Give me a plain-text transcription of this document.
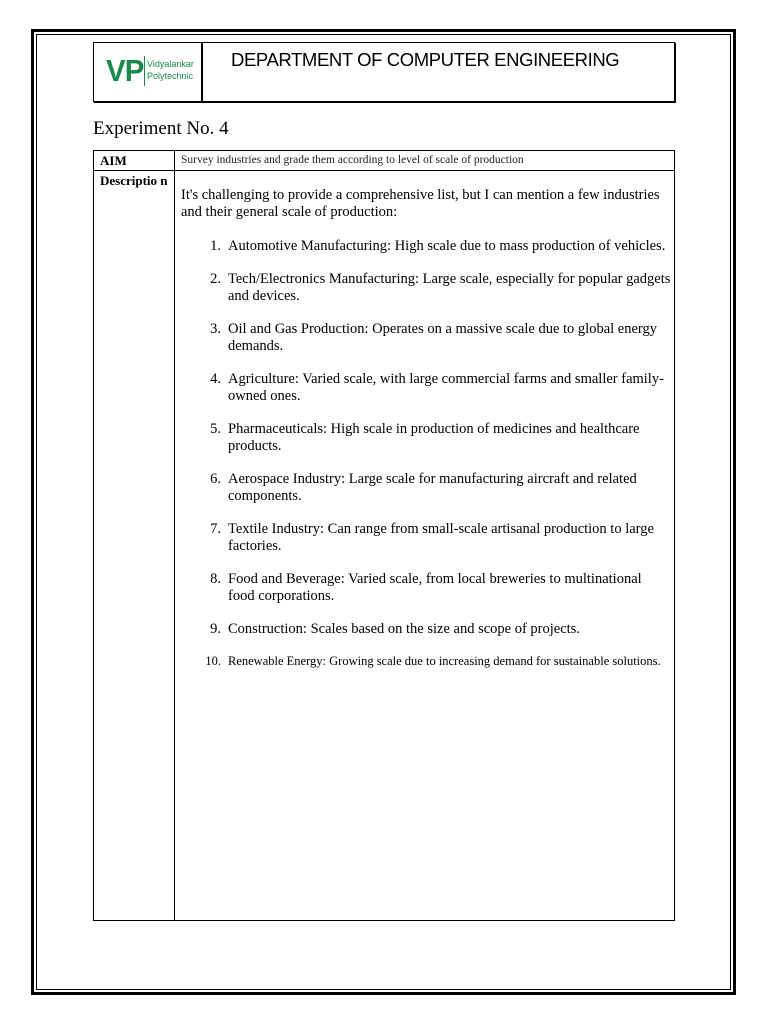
VP Vidyalankar
Polytechnic
DEPARTMENT OF COMPUTER ENGINEERING
Experiment No. 4
AIM	Survey industries and grade them according to level of scale of production
Descriptio n
It's challenging to provide a comprehensive list, but I can mention a few industries and their general scale of production:
1. Automotive Manufacturing: High scale due to mass production of vehicles.
2. Tech/Electronics Manufacturing: Large scale, especially for popular gadgets and devices.
3. Oil and Gas Production: Operates on a massive scale due to global energy demands.
4. Agriculture: Varied scale, with large commercial farms and smaller family-owned ones.
5. Pharmaceuticals: High scale in production of medicines and healthcare products.
6. Aerospace Industry: Large scale for manufacturing aircraft and related components.
7. Textile Industry: Can range from small-scale artisanal production to large factories.
8. Food and Beverage: Varied scale, from local breweries to multinational food corporations.
9. Construction: Scales based on the size and scope of projects.
10. Renewable Energy: Growing scale due to increasing demand for sustainable solutions.
